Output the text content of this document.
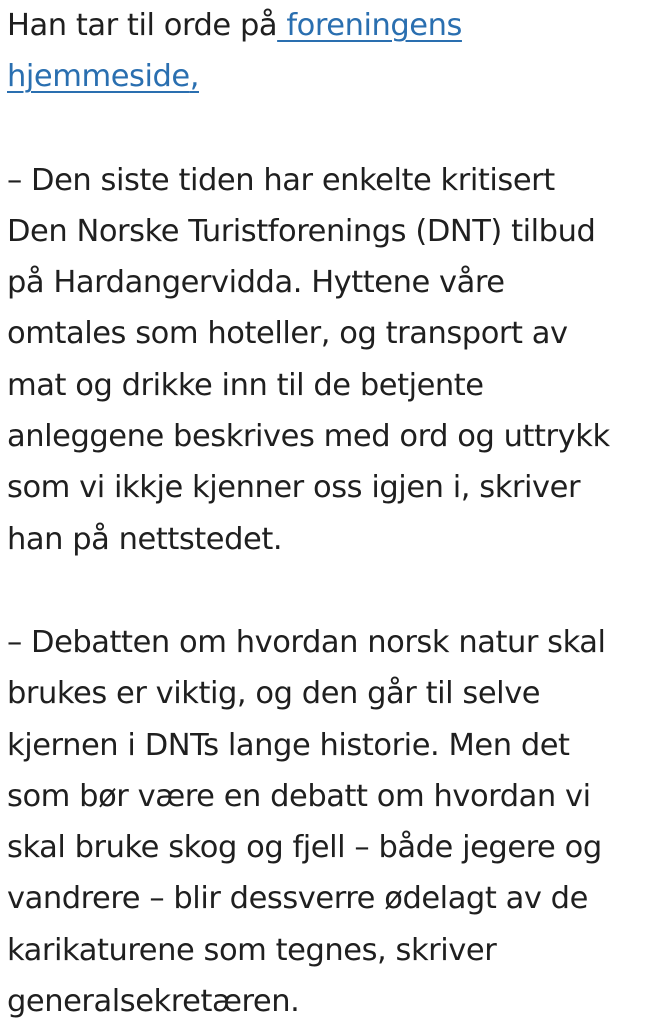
Han tar til orde på foreningens
hjemmeside,

– Den siste tiden har enkelte kritisert
Den Norske Turistforenings (DNT) tilbud
på Hardangervidda. Hyttene våre
omtales som hoteller, og transport av
mat og drikke inn til de betjente
anleggene beskrives med ord og uttrykk
som vi ikkje kjenner oss igjen i, skriver
han på nettstedet.

– Debatten om hvordan norsk natur skal
brukes er viktig, og den går til selve
kjernen i DNTs lange historie. Men det
som bør være en debatt om hvordan vi
skal bruke skog og fjell – både jegere og
vandrere – blir dessverre ødelagt av de
karikaturene som tegnes, skriver
generalsekretæren.
